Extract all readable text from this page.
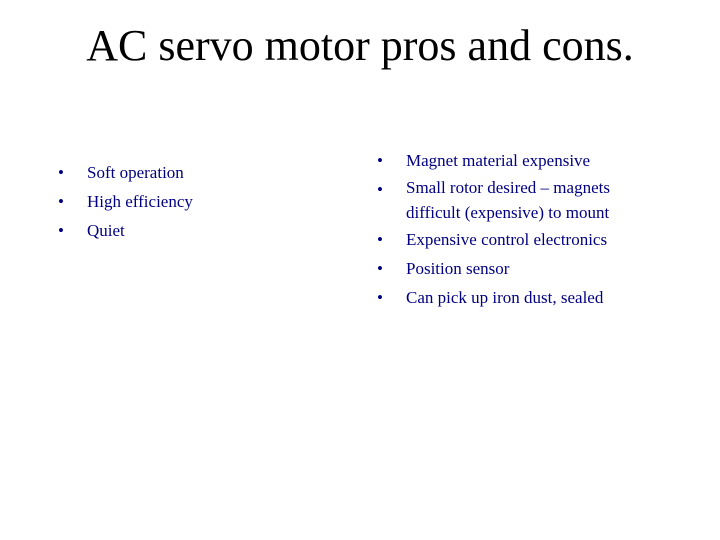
AC servo motor pros and cons.
•	Soft operation
•	High efficiency
•	Quiet
•	Magnet material expensive
•	Small rotor desired – magnets
difficult (expensive) to mount
•	Expensive control electronics
•	Position sensor
•	Can pick up iron dust, sealed
